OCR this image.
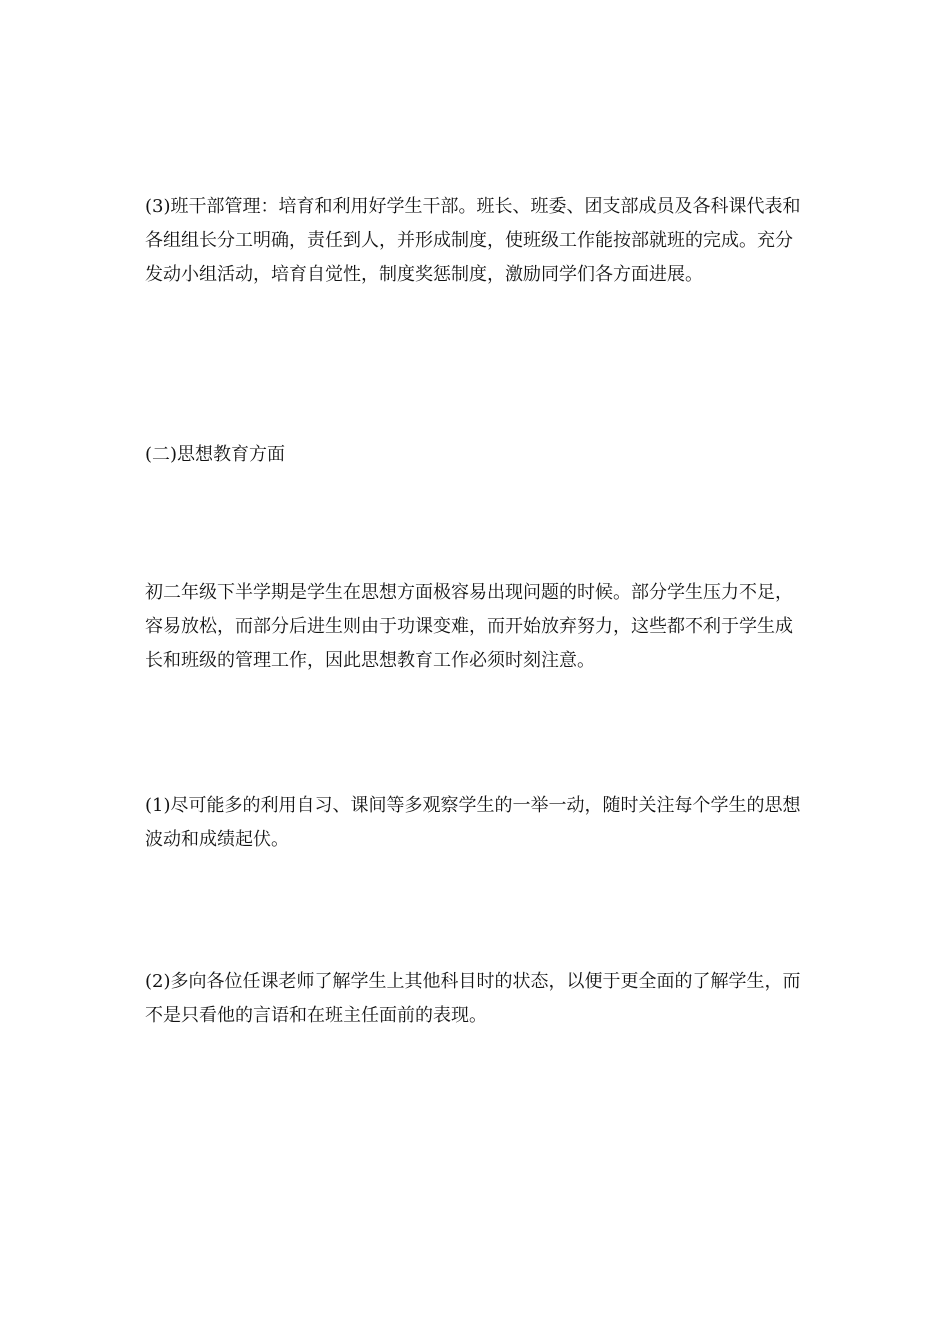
(3)班干部管理：培育和利用好学生干部。班长、班委、团支部成员及各科课代表和各组组长分工明确，责任到人，并形成制度，使班级工作能按部就班的完成。充分发动小组活动，培育自觉性，制度奖惩制度，激励同学们各方面进展。

(二)思想教育方面

初二年级下半学期是学生在思想方面极容易出现问题的时候。部分学生压力不足，容易放松，而部分后进生则由于功课变难，而开始放弃努力，这些都不利于学生成长和班级的管理工作，因此思想教育工作必须时刻注意。

(1)尽可能多的利用自习、课间等多观察学生的一举一动，随时关注每个学生的思想波动和成绩起伏。

(2)多向各位任课老师了解学生上其他科目时的状态，以便于更全面的了解学生，而不是只看他的言语和在班主任面前的表现。
